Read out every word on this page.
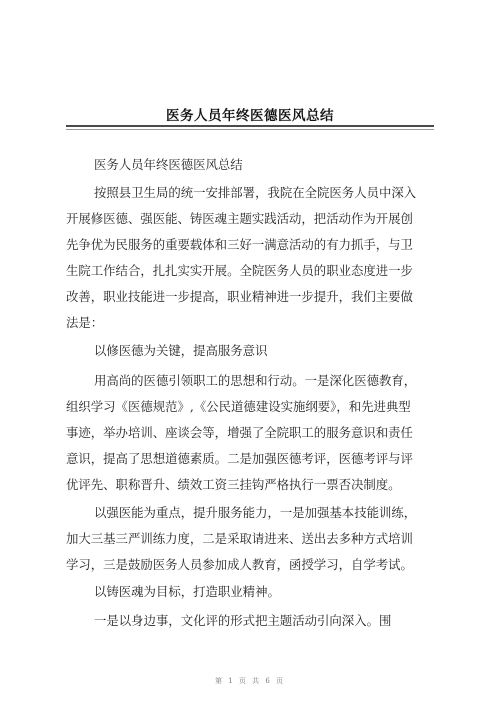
医务人员年终医德医风总结
医务人员年终医德医风总结
按照县卫生局的统一安排部署，我院在全院医务人员中深入
开展修医德、强医能、铸医魂主题实践活动，把活动作为开展创
先争优为民服务的重要载体和三好一满意活动的有力抓手，与卫
生院工作结合，扎扎实实开展。全院医务人员的职业态度进一步
改善，职业技能进一步提高，职业精神进一步提升，我们主要做
法是：
以修医德为关键，提高服务意识
用高尚的医德引领职工的思想和行动。一是深化医德教育，
组织学习《医德规范》,《公民道德建设实施纲要》，和先进典型
事迹，举办培训、座谈会等，增强了全院职工的服务意识和责任
意识，提高了思想道德素质。二是加强医德考评，医德考评与评
优评先、职称晋升、绩效工资三挂钩严格执行一票否决制度。
以强医能为重点，提升服务能力，一是加强基本技能训练，
加大三基三严训练力度，二是采取请进来、送出去多种方式培训
学习，三是鼓励医务人员参加成人教育，函授学习，自学考试。
以铸医魂为目标，打造职业精神。
一是以身边事，文化评的形式把主题活动引向深入。围
第 1 页 共 6 页
